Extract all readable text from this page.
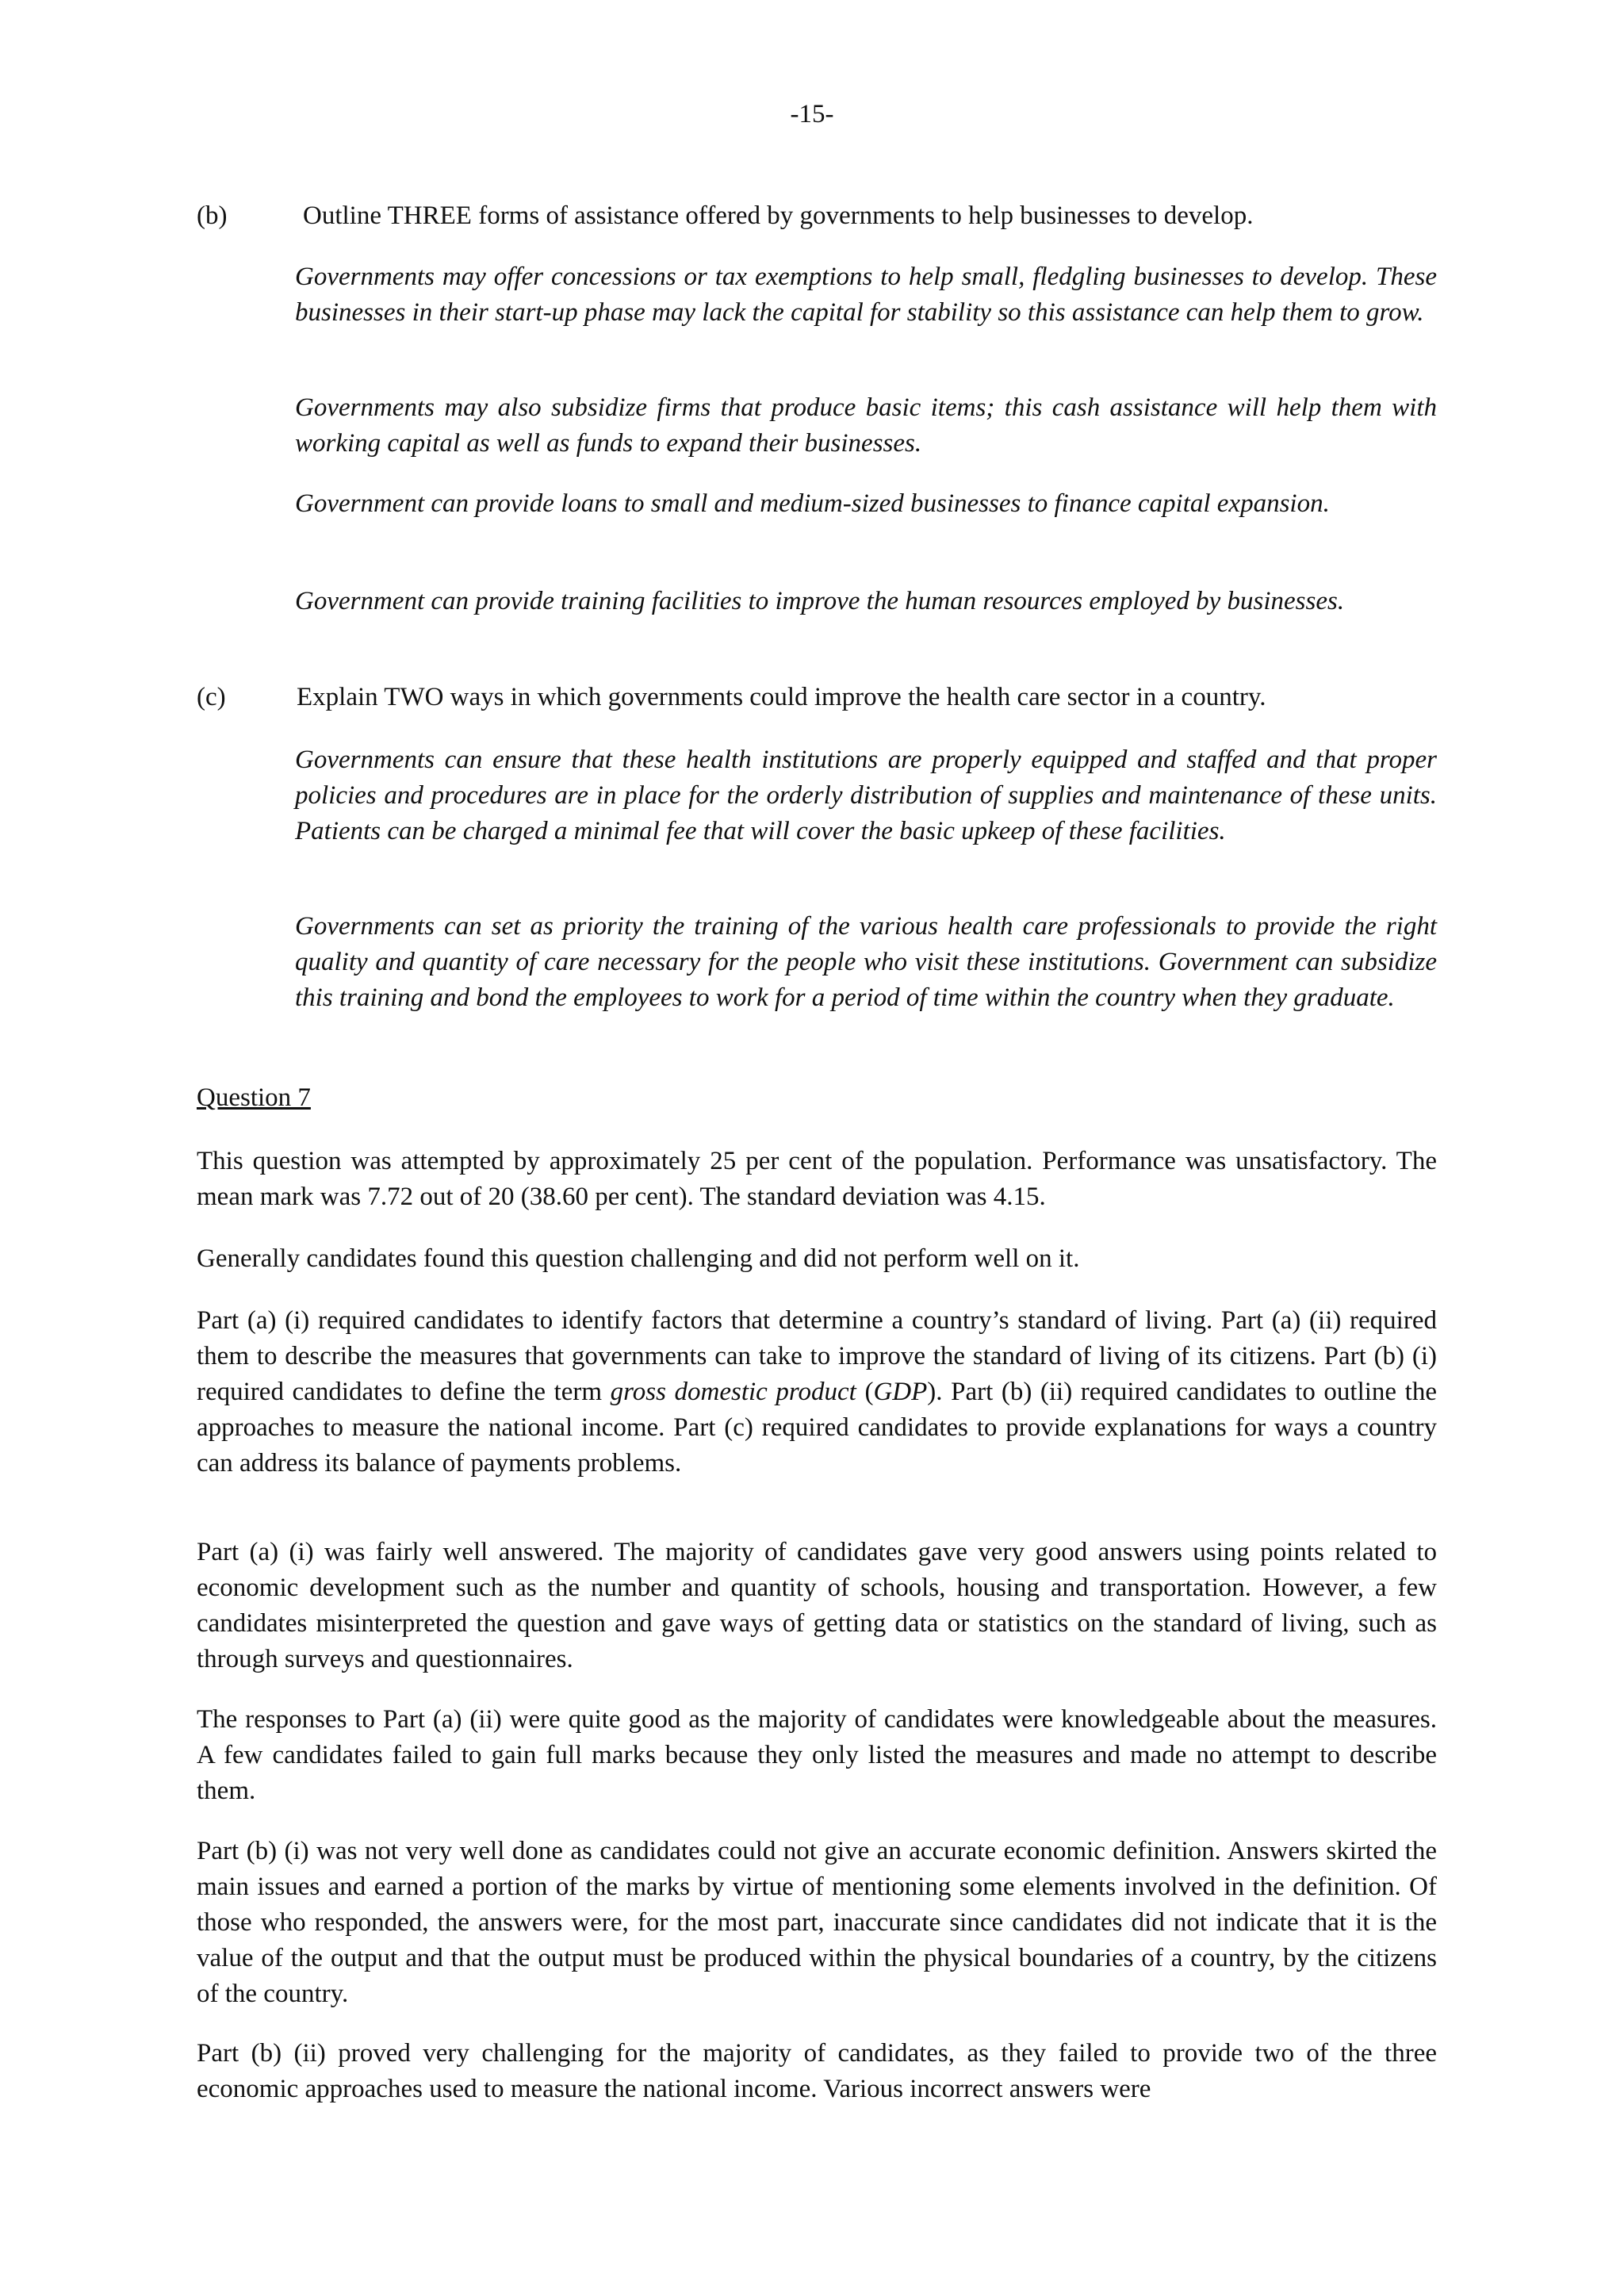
-15-
(b)	Outline THREE forms of assistance offered by governments to help businesses to develop.

Governments may offer concessions or tax exemptions to help small, fledgling businesses to develop. These businesses in their start-up phase may lack the capital for stability so this assistance can help them to grow.

Governments may also subsidize firms that produce basic items; this cash assistance will help them with working capital as well as funds to expand their businesses.

Government can provide loans to small and medium-sized businesses to finance capital expansion.

Government can provide training facilities to improve the human resources employed by businesses.

(c)	Explain TWO ways in which governments could improve the health care sector in a country.

Governments can ensure that these health institutions are properly equipped and staffed and that proper policies and procedures are in place for the orderly distribution of supplies and maintenance of these units. Patients can be charged a minimal fee that will cover the basic upkeep of these facilities.

Governments can set as priority the training of the various health care professionals to provide the right quality and quantity of care necessary for the people who visit these institutions. Government can subsidize this training and bond the employees to work for a period of time within the country when they graduate.

Question 7

This question was attempted by approximately 25 per cent of the population. Performance was unsatisfactory. The mean mark was 7.72 out of 20 (38.60 per cent). The standard deviation was 4.15.

Generally candidates found this question challenging and did not perform well on it.

Part (a) (i) required candidates to identify factors that determine a country’s standard of living. Part (a) (ii) required them to describe the measures that governments can take to improve the standard of living of its citizens. Part (b) (i) required candidates to define the term gross domestic product (GDP). Part (b) (ii) required candidates to outline the approaches to measure the national income. Part (c) required candidates to provide explanations for ways a country can address its balance of payments problems.

Part (a) (i) was fairly well answered. The majority of candidates gave very good answers using points related to economic development such as the number and quantity of schools, housing and transportation. However, a few candidates misinterpreted the question and gave ways of getting data or statistics on the standard of living, such as through surveys and questionnaires.

The responses to Part (a) (ii) were quite good as the majority of candidates were knowledgeable about the measures. A few candidates failed to gain full marks because they only listed the measures and made no attempt to describe them.

Part (b) (i) was not very well done as candidates could not give an accurate economic definition. Answers skirted the main issues and earned a portion of the marks by virtue of mentioning some elements involved in the definition. Of those who responded, the answers were, for the most part, inaccurate since candidates did not indicate that it is the value of the output and that the output must be produced within the physical boundaries of a country, by the citizens of the country.

Part (b) (ii) proved very challenging for the majority of candidates, as they failed to provide two of the three economic approaches used to measure the national income. Various incorrect answers were
